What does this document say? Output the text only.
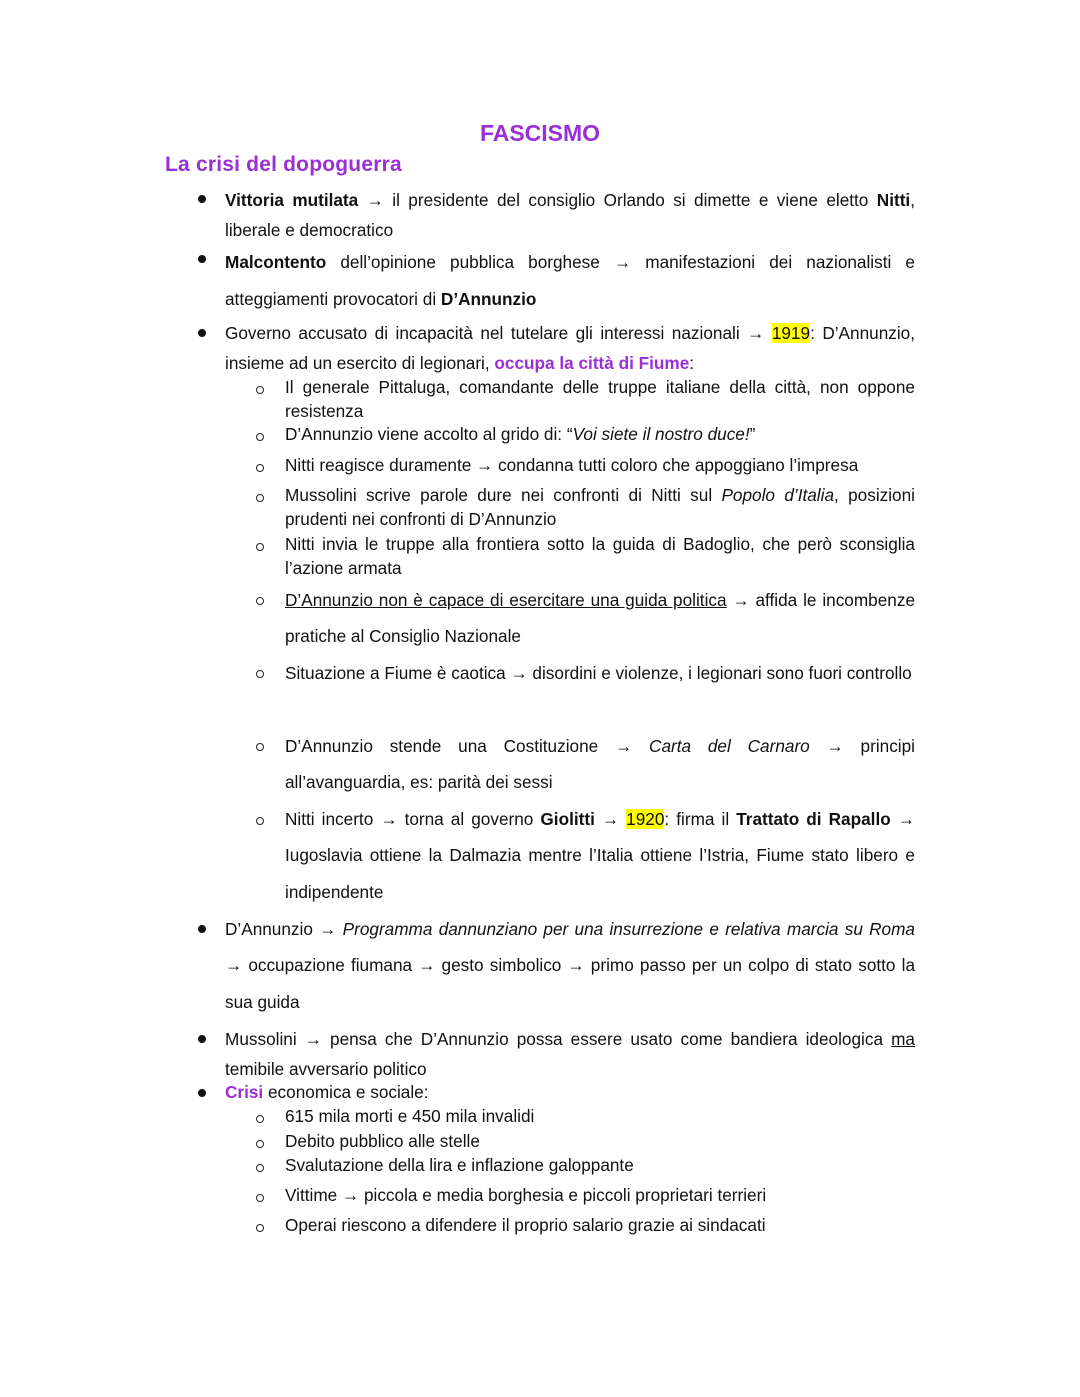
FASCISMO
La crisi del dopoguerra
Vittoria mutilata → il presidente del consiglio Orlando si dimette e viene eletto Nitti, liberale e democratico
Malcontento dell’opinione pubblica borghese → manifestazioni dei nazionalisti e atteggiamenti provocatori di D’Annunzio
Governo accusato di incapacità nel tutelare gli interessi nazionali → 1919: D’Annunzio, insieme ad un esercito di legionari, occupa la città di Fiume:
Il generale Pittaluga, comandante delle truppe italiane della città, non oppone resistenza
D’Annunzio viene accolto al grido di: “Voi siete il nostro duce!”
Nitti reagisce duramente → condanna tutti coloro che appoggiano l’impresa
Mussolini scrive parole dure nei confronti di Nitti sul Popolo d’Italia, posizioni prudenti nei confronti di D’Annunzio
Nitti invia le truppe alla frontiera sotto la guida di Badoglio, che però sconsiglia l’azione armata
D’Annunzio non è capace di esercitare una guida politica → affida le incombenze pratiche al Consiglio Nazionale
Situazione a Fiume è caotica → disordini e violenze, i legionari sono fuori controllo
D’Annunzio stende una Costituzione → Carta del Carnaro → principi all’avanguardia, es: parità dei sessi
Nitti incerto → torna al governo Giolitti → 1920: firma il Trattato di Rapallo → Iugoslavia ottiene la Dalmazia mentre l’Italia ottiene l’Istria, Fiume stato libero e indipendente
D’Annunzio → Programma dannunziano per una insurrezione e relativa marcia su Roma → occupazione fiumana → gesto simbolico → primo passo per un colpo di stato sotto la sua guida
Mussolini → pensa che D’Annunzio possa essere usato come bandiera ideologica ma temibile avversario politico
Crisi economica e sociale:
615 mila morti e 450 mila invalidi
Debito pubblico alle stelle
Svalutazione della lira e inflazione galoppante
Vittime → piccola e media borghesia e piccoli proprietari terrieri
Operai riescono a difendere il proprio salario grazie ai sindacati
